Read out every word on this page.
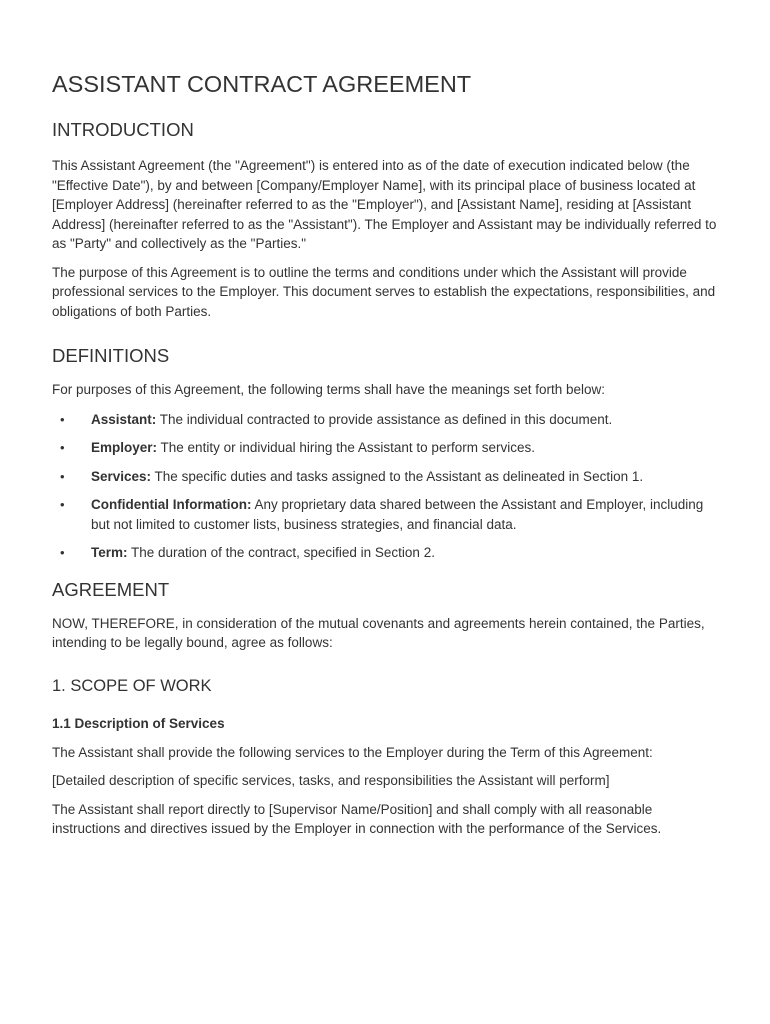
ASSISTANT CONTRACT AGREEMENT
INTRODUCTION

This Assistant Agreement (the "Agreement") is entered into as of the date of execution indicated below (the "Effective Date"), by and between [Company/Employer Name], with its principal place of business located at [Employer Address] (hereinafter referred to as the "Employer"), and [Assistant Name], residing at [Assistant Address] (hereinafter referred to as the "Assistant"). The Employer and Assistant may be individually referred to as "Party" and collectively as the "Parties."

The purpose of this Agreement is to outline the terms and conditions under which the Assistant will provide professional services to the Employer. This document serves to establish the expectations, responsibilities, and obligations of both Parties.

DEFINITIONS

For purposes of this Agreement, the following terms shall have the meanings set forth below:

• Assistant: The individual contracted to provide assistance as defined in this document.
• Employer: The entity or individual hiring the Assistant to perform services.
• Services: The specific duties and tasks assigned to the Assistant as delineated in Section 1.
• Confidential Information: Any proprietary data shared between the Assistant and Employer, including but not limited to customer lists, business strategies, and financial data.
• Term: The duration of the contract, specified in Section 2.
AGREEMENT

NOW, THEREFORE, in consideration of the mutual covenants and agreements herein contained, the Parties, intending to be legally bound, agree as follows:

1. SCOPE OF WORK
1.1 Description of Services

The Assistant shall provide the following services to the Employer during the Term of this Agreement:

[Detailed description of specific services, tasks, and responsibilities the Assistant will perform]

The Assistant shall report directly to [Supervisor Name/Position] and shall comply with all reasonable instructions and directives issued by the Employer in connection with the performance of the Services.
